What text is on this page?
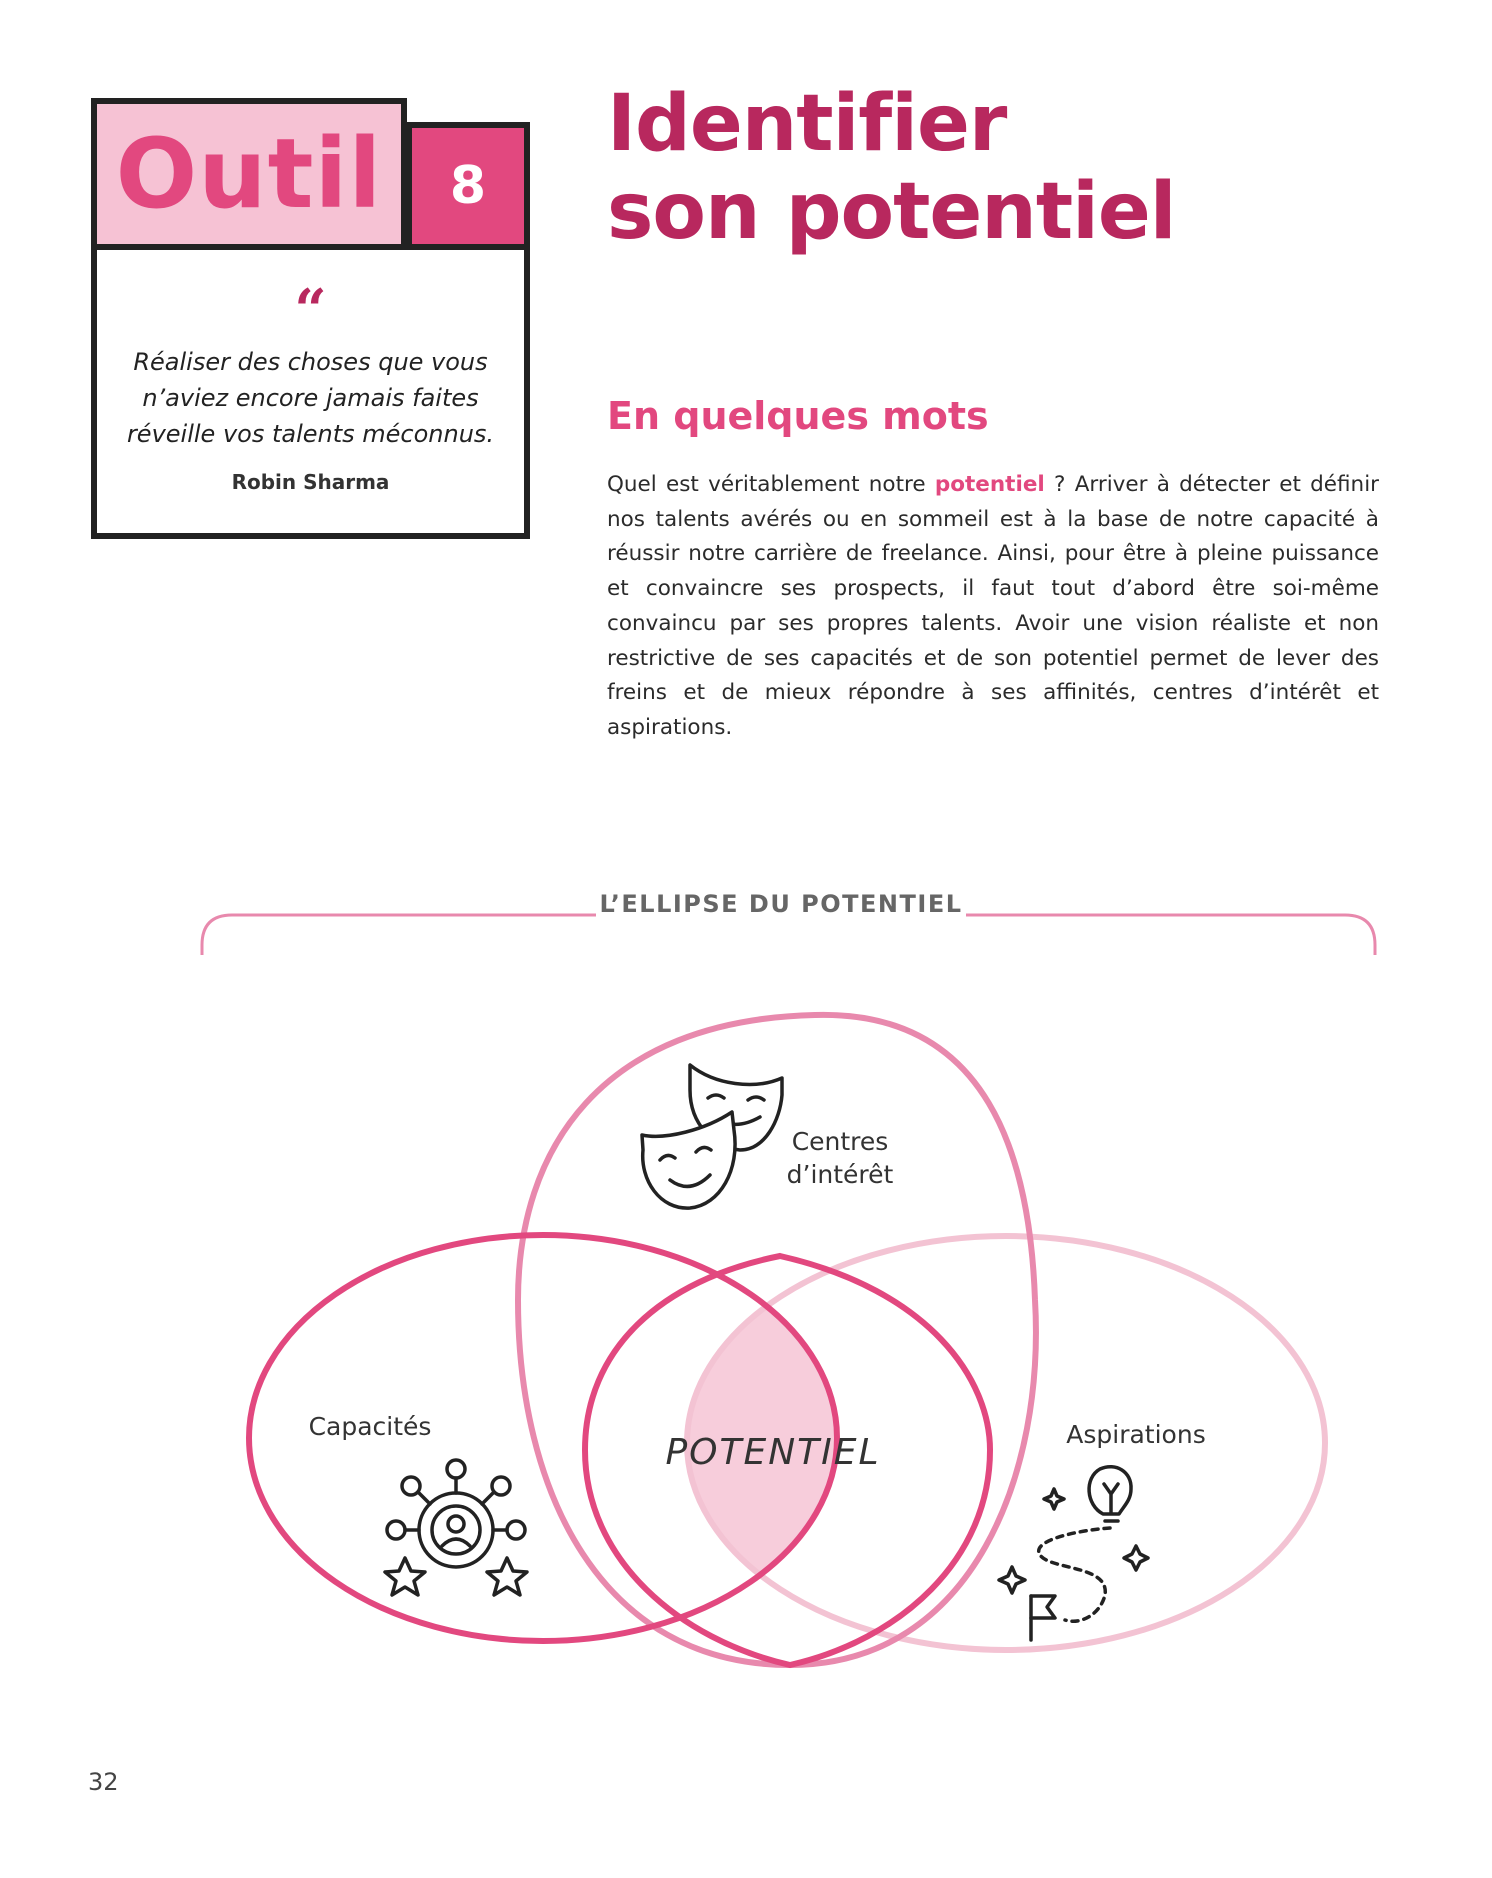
Outil 8
“
Réaliser des choses que vous n’aviez encore jamais faites réveille vos talents méconnus.
Robin Sharma
Identifier
son potentiel
En quelques mots

Quel est véritablement notre potentiel ? Arriver à détecter et définir nos talents avérés ou en sommeil est à la base de notre capacité à réussir notre carrière de freelance. Ainsi, pour être à pleine puissance et convaincre ses prospects, il faut tout d’abord être soi-même convaincu par ses propres talents. Avoir une vision réaliste et non restrictive de ses capacités et de son potentiel permet de lever des freins et de mieux répondre à ses affinités, centres d’intérêt et aspirations.

L’ELLIPSE DU POTENTIEL
POTENTIEL
Centres
d’intérêt
Capacités	Aspirations
32
